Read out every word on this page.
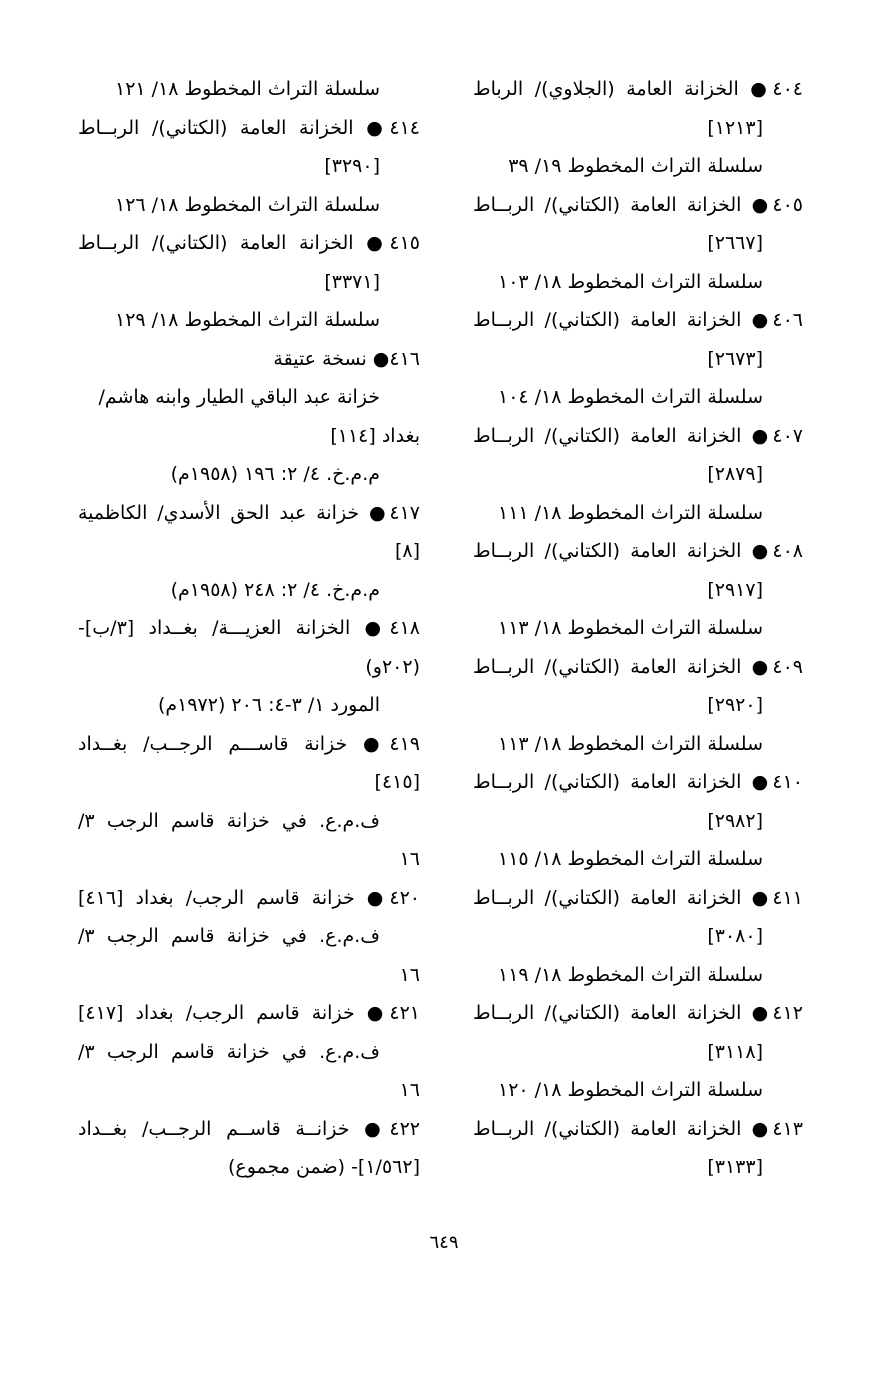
٤٠٤● الخزانة العامة (الجلاوي)/ الرباط
[١٢١٣]
سلسلة التراث المخطوط ١٩/ ٣٩
٤٠٥● الخزانة العامة (الكتاني)/ الربــاط
[٢٦٦٧]
سلسلة التراث المخطوط ١٨/ ١٠٣
٤٠٦● الخزانة العامة (الكتاني)/ الربــاط
[٢٦٧٣]
سلسلة التراث المخطوط ١٨/ ١٠٤
٤٠٧● الخزانة العامة (الكتاني)/ الربــاط
[٢٨٧٩]
سلسلة التراث المخطوط ١٨/ ١١١
٤٠٨● الخزانة العامة (الكتاني)/ الربــاط
[٢٩١٧]
سلسلة التراث المخطوط ١٨/ ١١٣
٤٠٩● الخزانة العامة (الكتاني)/ الربــاط
[٢٩٢٠]
سلسلة التراث المخطوط ١٨/ ١١٣
٤١٠● الخزانة العامة (الكتاني)/ الربــاط
[٢٩٨٢]
سلسلة التراث المخطوط ١٨/ ١١٥
٤١١● الخزانة العامة (الكتاني)/ الربــاط
[٣٠٨٠]
سلسلة التراث المخطوط ١٨/ ١١٩
٤١٢● الخزانة العامة (الكتاني)/ الربــاط
[٣١١٨]
سلسلة التراث المخطوط ١٨/ ١٢٠
٤١٣● الخزانة العامة (الكتاني)/ الربــاط
[٣١٣٣]
سلسلة التراث المخطوط ١٨/ ١٢١
٤١٤● الخزانة العامة (الكتاني)/ الربــاط
[٣٢٩٠]
سلسلة التراث المخطوط ١٨/ ١٢٦
٤١٥● الخزانة العامة (الكتاني)/ الربــاط
[٣٣٧١]
سلسلة التراث المخطوط ١٨/ ١٢٩
٤١٦● نسخة عتيقة
خزانة عبد الباقي الطيار وابنه هاشم/
بغداد [١١٤]
م.م.خ. ٤/ ٢: ١٩٦ (١٩٥٨م)
٤١٧● خزانة عبد الحق الأسدي/ الكاظمية
[٨]
م.م.خ. ٤/ ٢: ٢٤٨ (١٩٥٨م)
٤١٨● الخزانة العزيـــة/ بغــداد [٣/ب]-
(٢٠٢و)
المورد ١/ ٣-٤: ٢٠٦ (١٩٧٢م)
٤١٩● خزانة قاســـم الرجــب/ بغــداد
[٤١٥]
ف.م.ع. في خزانة قاسم الرجب ٣/
١٦
٤٢٠● خزانة قاسم الرجب/ بغداد [٤١٦]
ف.م.ع. في خزانة قاسم الرجب ٣/
١٦
٤٢١● خزانة قاسم الرجب/ بغداد [٤١٧]
ف.م.ع. في خزانة قاسم الرجب ٣/
١٦
٤٢٢● خزانــة قاســم الرجــب/ بغــداد
[١/٥٦٢]- (ضمن مجموع)
٦٤٩
